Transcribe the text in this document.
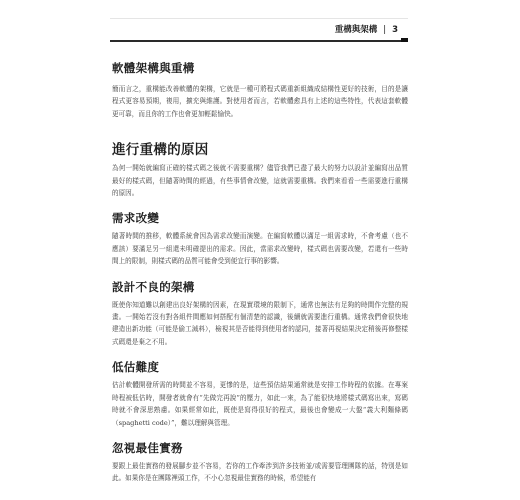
重構與架構 | 3
軟體架構與重構

簡而言之，重構能改善軟體的架構，它就是一種可將程式碼重新組織成結構性更好的技術，目的是讓程式更容易預期，複用，擴充與維護。對使用者而言，若軟體愈具有上述的這些特性，代表這套軟體更可靠，而且你的工作也會更加輕鬆愉快。

進行重構的原因

為何一開始就編寫正確的樣式碼之後就不需要重構？儘管我們已盡了最大的努力以設計並編寫出品質最好的樣式碼，但隨著時間的經過，有些事情會改變，這就需要重構。我們來看看一些需要進行重構的原因。

需求改變

隨著時間的推移，軟體系統會因為需求改變而演變。在編寫軟體以滿足一組需求時，不會考慮（也不應該）要滿足另一組還未明確提出的需求。因此，當需求改變時，樣式碼也需要改變，若還有一些時間上的限制，則樣式碼的品質可能會受到便宜行事的影響。

設計不良的架構

既使你知道難以創建出良好架構的因素，在現實環境的限制下，通常也無法有足夠的時間作完整的規畫。一開始若沒有對各組件間應如何搭配有個清楚的認識，後續就需要進行重構。通常我們會很快地建造出新功能（可能是偷工減料），檢視其是否能得到使用者的認同，接著再視結果決定稍後再修整樣式碼還是棄之不用。

低估難度

估計軟體開發所需的時間並不容易，更慘的是，這些預估結果通常就是安排工作時程的依據。在專案時程被低估時，開發者就會有“先做完再說”的壓力，如此一來，為了能很快地將樣式碼寫出來，寫碼時就不會深思熟慮。如果經常如此，既使是寫得很好的程式，最後也會變成一大盤“義大利麵條碼（spaghetti code）”，難以理解與管理。

忽視最佳實務

要跟上最佳實務的發展腳步並不容易，若你的工作牽涉到許多技術並/或需要管理團隊的話，特別是如此。如果你是在團隊裡頭工作，不小心忽視最佳實務的時候，希望能有
